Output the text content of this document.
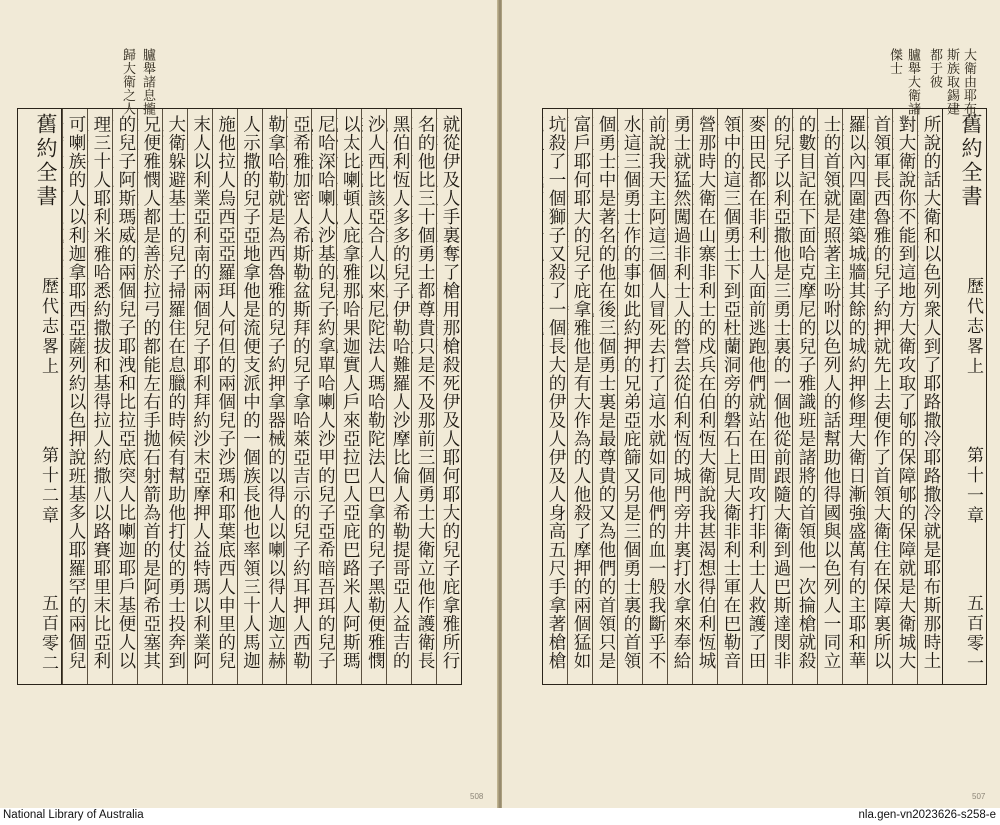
歸大衛之人 臚舉諸息攏
就從伊及人手裏奪了槍用那槍殺死伊及人耶何耶大的兒子庇拿雅所行
名的他比三十個勇士都尊貴只是不及那前三個勇士大衛立他作護衛長
黑伯利恆人多多的兒子伊勒哈難羅人沙摩比倫人希勒提哥亞人益吉的
沙人西比該亞合人以來尼陀法人瑪哈勒陀法人巴拿的兒子黑勒便雅憫
以太比喇頓人庇拿雅那哈果迦實人戶來亞拉巴人亞庇巴路米人阿斯瑪
尼哈深哈喇人沙基的兒子約拿單哈喇人沙甲的兒子亞希暗吾珥的兒子
亞希雅加密人希斯勒盆斯拜的兒子拿哈萊亞吉示的兒子約耳押人西勒
勒拿哈勒就是為西魯雅的兒子約押拿器械的以得人以喇以得人迦立赫
人示撒的兒子亞地拿他是流便支派中的一個族長他也率領三十人馬迦
施他拉人烏西亞亞羅珥人何但的兩個兒子沙瑪和耶葉底西人申里的兒
末人以利業亞利南的兩個兒子耶利拜約沙末亞摩押人益特瑪以利業阿
大衛躲避基士的兒子掃羅住在息臘的時候有幫助他打仗的勇士投奔到
兄便雅憫人都是善於拉弓的都能左右手拋石射箭為首的是阿希亞塞其
的兒子阿斯瑪威的兩個兒子耶洩和比拉亞底突人比喇迦耶戶基便人以
理三十人耶利米雅哈悉約撒拔和基得拉人約撒八以路賽耶里末比亞利
可喇族的人以利迦拿耶西亞薩列約以色押說班基多人耶羅罕的兩個兒
舊約全書
歷代志畧上
第十二章
五百零二
508
傑士 臚舉大衛諸 都于彼 斯族取錫建 大衛由耶布
舊約全書
歷代志畧上
第十一章
五百零一
所說的話大衛和以色列衆人到了耶路撒冷耶路撒冷就是耶布斯那時土
對大衛說你不能到這地方大衛攻取了郇的保障郇的保障就是大衛城大
首領軍長西魯雅的兒子約押就先上去便作了首領大衛住在保障裏所以
羅以內四圍建築城牆其餘的城約押修理大衛日漸強盛萬有的主耶和華
士的首領就是照著主吩咐以色列人的話幫助他得國與以色列人一同立
的數目記在下面哈克摩尼的兒子雅識班是諸將的首領他一次掄槍就殺
的兒子以利亞撒他是三勇士裏的一個他從前跟隨大衛到過巴斯達閔非
麥田民都在非利士人面前逃跑他們就站在田間攻打非利士人救護了田
領中的這三個勇士下到亞杜蘭洞旁的磐石上見大衛非利士軍在巴勒音
營那時大衛在山寨非利士的戍兵在伯利恆大衛說我甚渴想得伯利恆城
勇士就猛然闖過非利士人的營去從伯利恆的城門旁井裏打水拿來奉給
前說我天主阿這三個人冒死去打了這水就如同他們的血一般我斷乎不
水這三個勇士作的事如此約押的兄弟亞庇篩又另是三個勇士裏的首領
個勇士中是著名的他在後三個勇士裏是最尊貴的又為他們的首領只是
富戶耶何耶大的兒子庇拿雅他是有大作為的人他殺了摩押的兩個猛如
坑殺了一個獅子又殺了一個長大的伊及人伊及人身高五尺手拿著槍槍
507
National Library of Australia	nla.gen-vn2023626-s258-e
